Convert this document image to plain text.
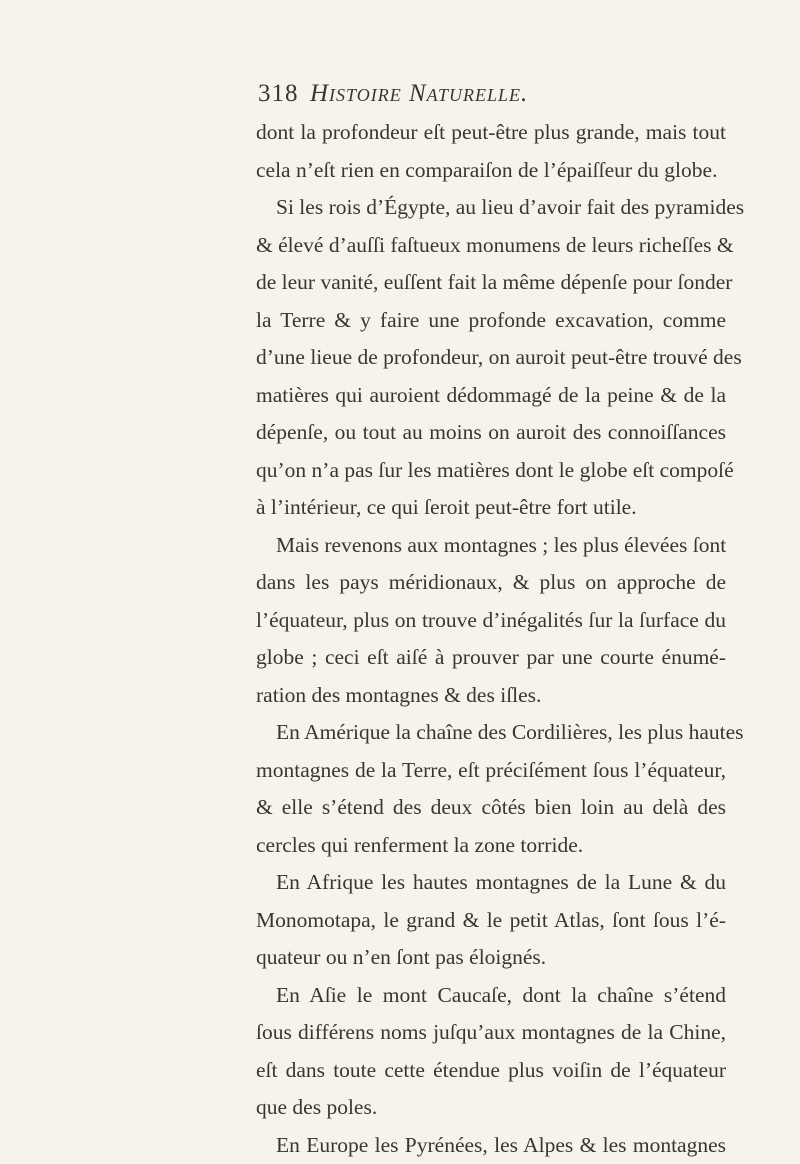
318 Histoire Naturelle.
dont la profondeur eſt peut-être plus grande, mais tout
cela n’eſt rien en comparaiſon de l’épaiſſeur du globe.
Si les rois d’Égypte, au lieu d’avoir fait des pyramides
& élevé d’auſſi faſtueux monumens de leurs richeſſes &
de leur vanité, euſſent fait la même dépenſe pour ſonder
la Terre & y faire une profonde excavation, comme
d’une lieue de profondeur, on auroit peut-être trouvé des
matières qui auroient dédommagé de la peine & de la
dépenſe, ou tout au moins on auroit des connoiſſances
qu’on n’a pas ſur les matières dont le globe eſt compoſé
à l’intérieur, ce qui ſeroit peut-être fort utile.
Mais revenons aux montagnes ; les plus élevées ſont
dans les pays méridionaux, & plus on approche de
l’équateur, plus on trouve d’inégalités ſur la ſurface du
globe ; ceci eſt aiſé à prouver par une courte énumé-
ration des montagnes & des iſles.
En Amérique la chaîne des Cordilières, les plus hautes
montagnes de la Terre, eſt préciſément ſous l’équateur,
& elle s’étend des deux côtés bien loin au delà des
cercles qui renferment la zone torride.
En Afrique les hautes montagnes de la Lune & du
Monomotapa, le grand & le petit Atlas, ſont ſous l’é-
quateur ou n’en ſont pas éloignés.
En Aſie le mont Caucaſe, dont la chaîne s’étend
ſous différens noms juſqu’aux montagnes de la Chine,
eſt dans toute cette étendue plus voiſin de l’équateur
que des poles.
En Europe les Pyrénées, les Alpes & les montagnes
